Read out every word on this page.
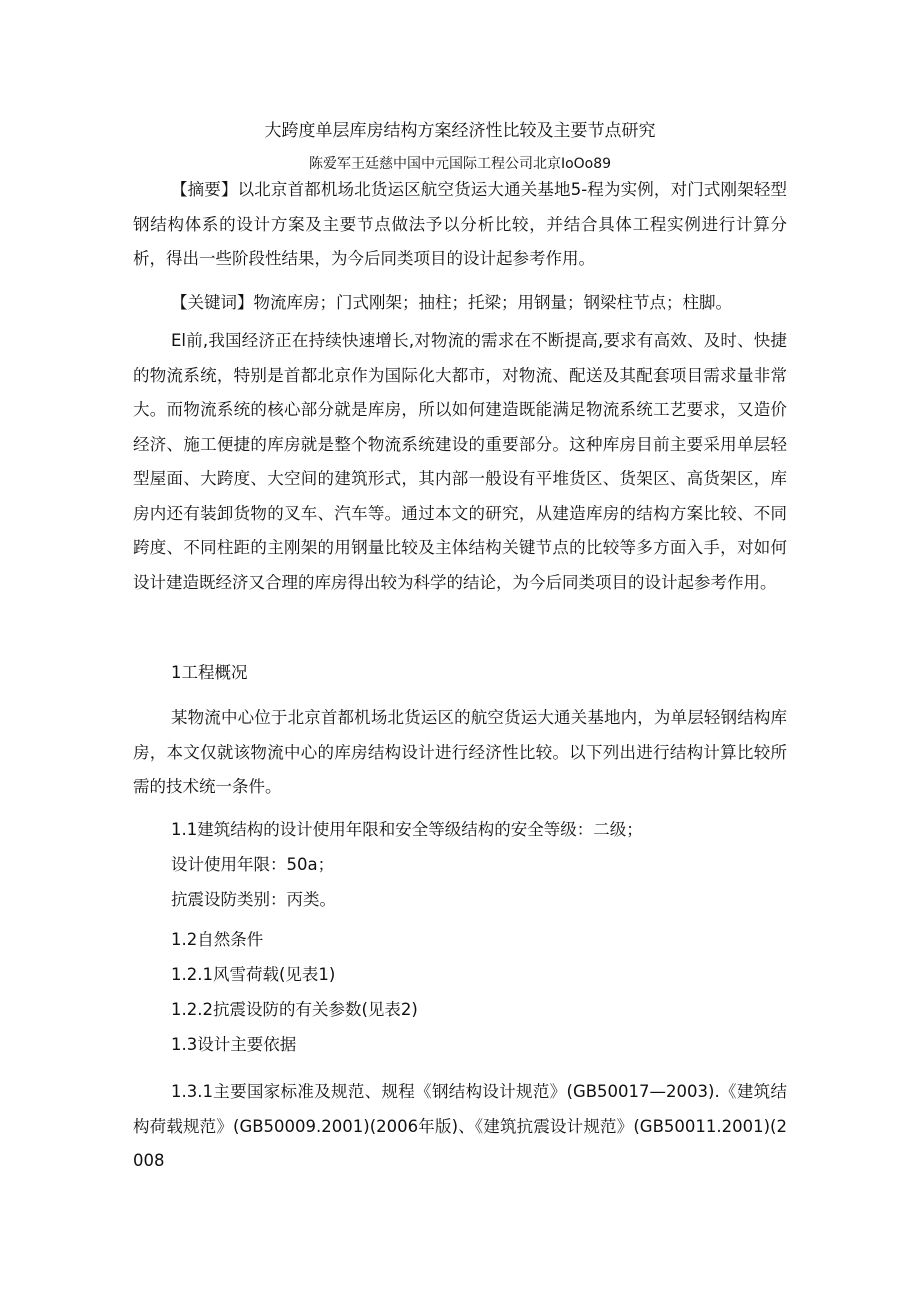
大跨度单层库房结构方案经济性比较及主要节点研究
陈爱军王廷慈中国中元国际工程公司北京IoOo89

【摘要】以北京首都机场北货运区航空货运大通关基地5-程为实例，对门式刚架轻型钢结构体系的设计方案及主要节点做法予以分析比较，并结合具体工程实例进行计算分析，得出一些阶段性结果，为今后同类项目的设计起参考作用。

【关键词】物流库房；门式刚架；抽柱；托梁；用钢量；钢梁柱节点；柱脚。

El前,我国经济正在持续快速增长,对物流的需求在不断提高,要求有高效、及时、快捷的物流系统，特别是首都北京作为国际化大都市，对物流、配送及其配套项目需求量非常大。而物流系统的核心部分就是库房，所以如何建造既能满足物流系统工艺要求，又造价经济、施工便捷的库房就是整个物流系统建设的重要部分。这种库房目前主要采用单层轻型屋面、大跨度、大空间的建筑形式，其内部一般设有平堆货区、货架区、高货架区，库房内还有装卸货物的叉车、汽车等。通过本文的研究，从建造库房的结构方案比较、不同跨度、不同柱距的主刚架的用钢量比较及主体结构关键节点的比较等多方面入手，对如何设计建造既经济又合理的库房得出较为科学的结论，为今后同类项目的设计起参考作用。

1工程概况

某物流中心位于北京首都机场北货运区的航空货运大通关基地内，为单层轻钢结构库房，本文仅就该物流中心的库房结构设计进行经济性比较。以下列出进行结构计算比较所需的技术统一条件。

1.1建筑结构的设计使用年限和安全等级结构的安全等级：二级；
设计使用年限：50a；
抗震设防类别：丙类。
1.2自然条件
1.2.1风雪荷载(见表1)
1.2.2抗震设防的有关参数(见表2)
1.3设计主要依据

1.3.1主要国家标准及规范、规程《钢结构设计规范》(GB50017—2003).《建筑结构荷载规范》(GB50009.2001)(2006年版)、《建筑抗震设计规范》(GB50011.2001)(2008
